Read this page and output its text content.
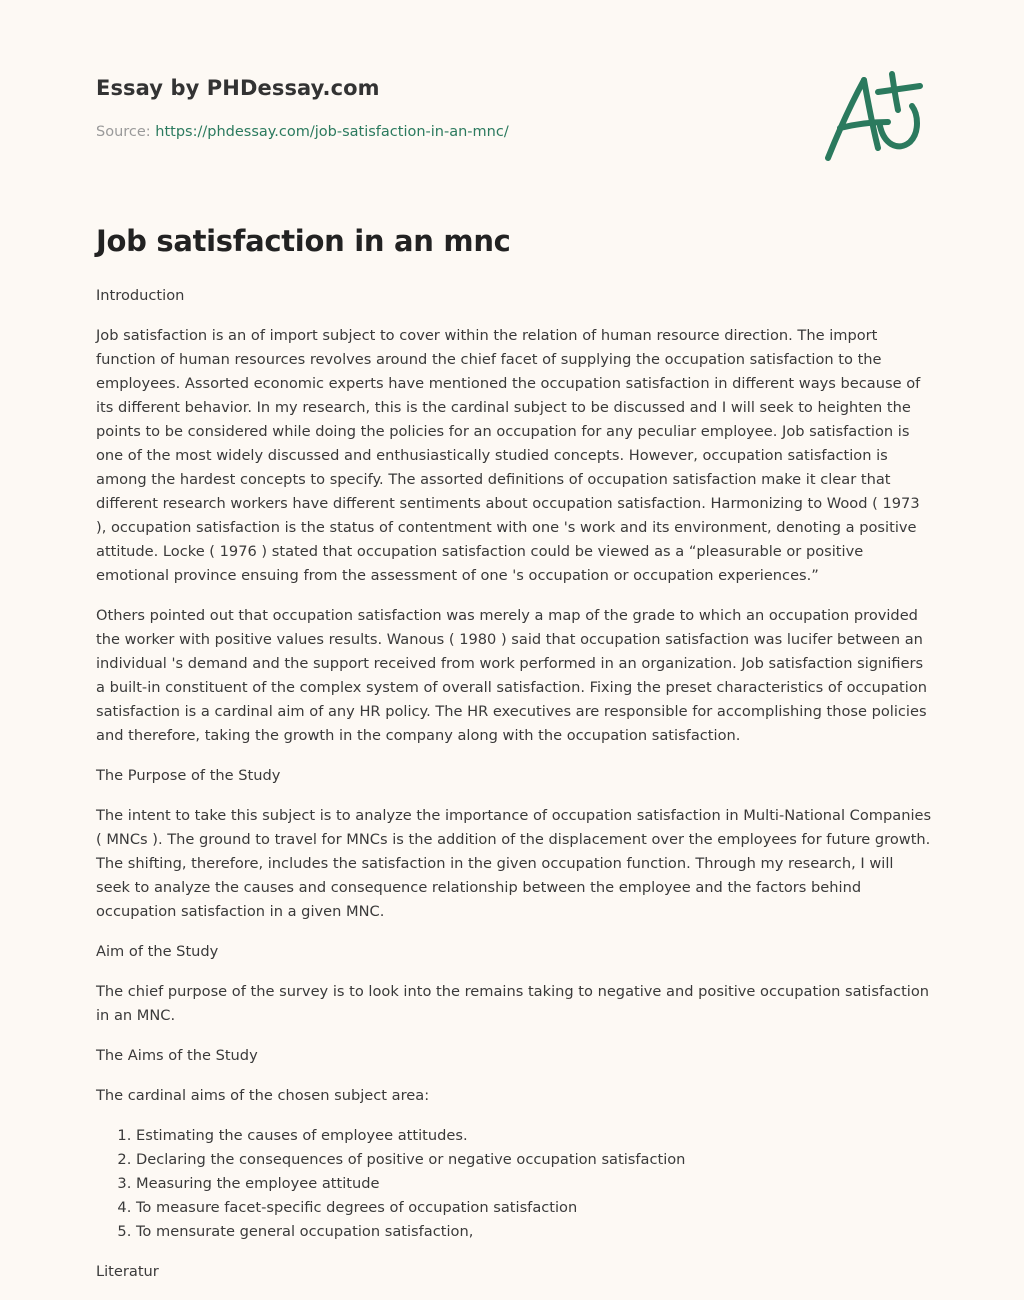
Essay by PHDessay.com
Source: https://phdessay.com/job-satisfaction-in-an-mnc/
Job satisfaction in an mnc

Introduction

Job satisfaction is an of import subject to cover within the relation of human resource direction. The import function of human resources revolves around the chief facet of supplying the occupation satisfaction to the employees. Assorted economic experts have mentioned the occupation satisfaction in different ways because of its different behavior. In my research, this is the cardinal subject to be discussed and I will seek to heighten the points to be considered while doing the policies for an occupation for any peculiar employee. Job satisfaction is one of the most widely discussed and enthusiastically studied concepts. However, occupation satisfaction is among the hardest concepts to specify. The assorted definitions of occupation satisfaction make it clear that different research workers have different sentiments about occupation satisfaction. Harmonizing to Wood ( 1973 ), occupation satisfaction is the status of contentment with one 's work and its environment, denoting a positive attitude. Locke ( 1976 ) stated that occupation satisfaction could be viewed as a “pleasurable or positive emotional province ensuing from the assessment of one 's occupation or occupation experiences.”

Others pointed out that occupation satisfaction was merely a map of the grade to which an occupation provided the worker with positive values results. Wanous ( 1980 ) said that occupation satisfaction was lucifer between an individual 's demand and the support received from work performed in an organization. Job satisfaction signifiers a built-in constituent of the complex system of overall satisfaction. Fixing the preset characteristics of occupation satisfaction is a cardinal aim of any HR policy. The HR executives are responsible for accomplishing those policies and therefore, taking the growth in the company along with the occupation satisfaction.

The Purpose of the Study

The intent to take this subject is to analyze the importance of occupation satisfaction in Multi-National Companies ( MNCs ). The ground to travel for MNCs is the addition of the displacement over the employees for future growth. The shifting, therefore, includes the satisfaction in the given occupation function. Through my research, I will seek to analyze the causes and consequence relationship between the employee and the factors behind occupation satisfaction in a given MNC.

Aim of the Study

The chief purpose of the survey is to look into the remains taking to negative and positive occupation satisfaction in an MNC.

The Aims of the Study

The cardinal aims of the chosen subject area:

1. Estimating the causes of employee attitudes.
2. Declaring the consequences of positive or negative occupation satisfaction
3. Measuring the employee attitude
4. To measure facet-specific degrees of occupation satisfaction
5. To mensurate general occupation satisfaction,

Literatur
